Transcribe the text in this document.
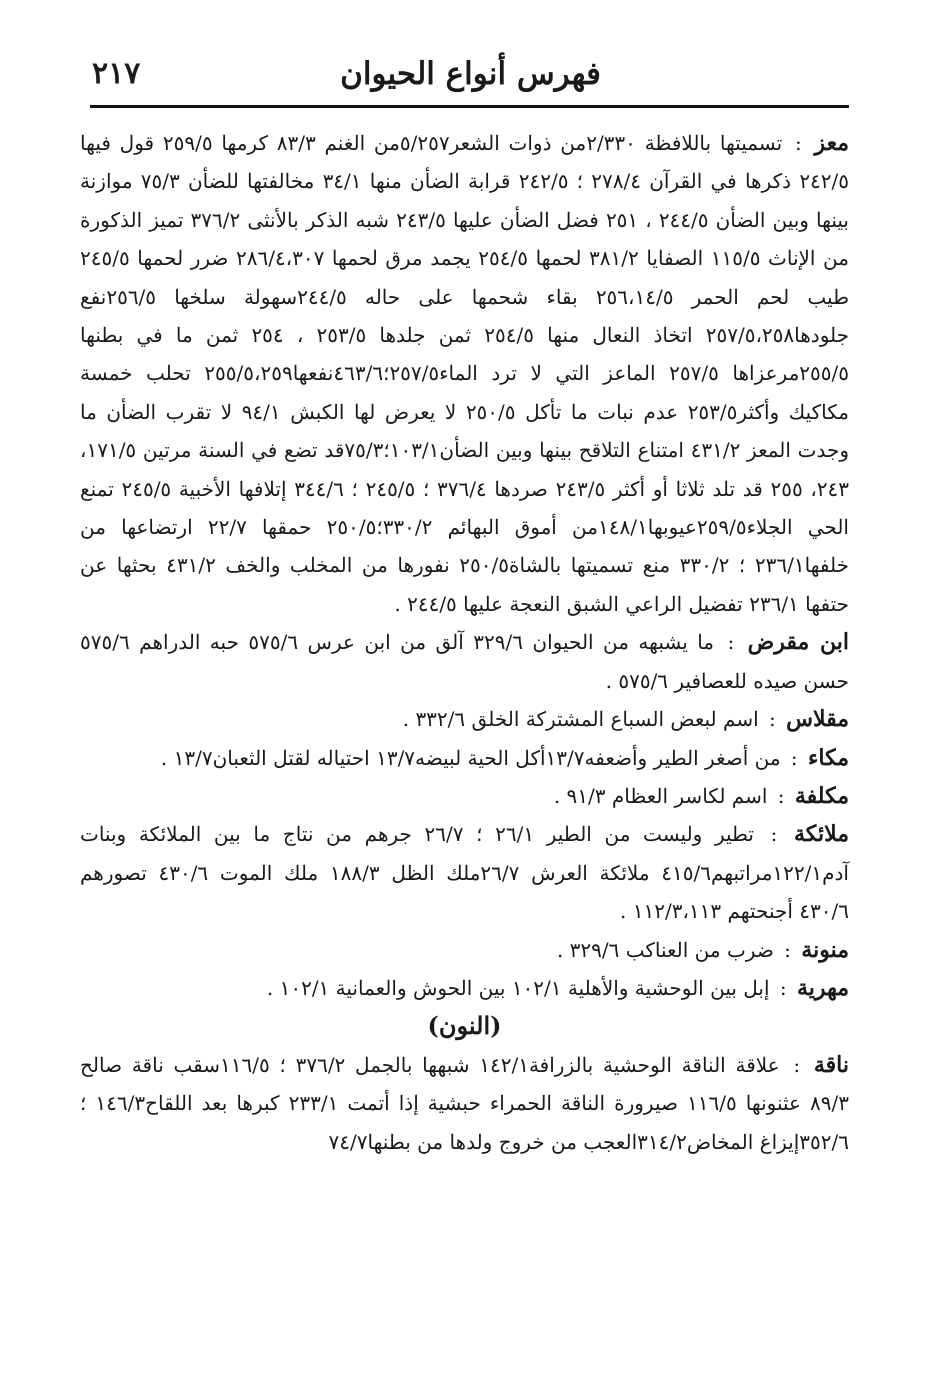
فهرس أنواع الحيوان
٢١٧

معز : تسميتها باللافظة ٢/٣٣٠من ذوات الشعر٥/٢٥٧من الغنم ٨٣/٣ كرمها ٢٥٩/٥ قول فيها ٢٤٢/٥ ذكرها في القرآن ٢٧٨/٤ ؛ ٢٤٢/٥ قرابة الضأن منها ٣٤/١ مخالفتها للضأن ٧٥/٣ موازنة بينها وبين الضأن ٢٤٤/٥ ، ٢٥١ فضل الضأن عليها ٢٤٣/٥ شبه الذكر بالأنثى ٣٧٦/٢ تميز الذكورة من الإناث ١١٥/٥ الصفايا ٣٨١/٢ لحمها ٢٥٤/٥ يجمد مرق لحمها ٢٨٦/٤،٣٠٧ ضرر لحمها ٢٤٥/٥ طيب لحم الحمر ٢٥٦،١٤/٥ بقاء شحمها على حاله ٢٤٤/٥سهولة سلخها ٢٥٦/٥نفع جلودها٢٥٧/٥،٢٥٨ اتخاذ النعال منها ٢٥٤/٥ ثمن جلدها ٢٥٣/٥ ، ٢٥٤ ثمن ما في بطنها ٢٥٥/٥مرعزاها ٢٥٧/٥ الماعز التي لا ترد الماء٢٥٧/٥؛٤٦٣/٦نفعها٢٥٥/٥،٢٥٩ تحلب خمسة مكاكيك وأكثر٢٥٣/٥ عدم نبات ما تأكل ٢٥٠/٥ لا يعرض لها الكبش ٩٤/١ لا تقرب الضأن ما وجدت المعز ٤٣١/٢ امتناع التلاقح بينها وبين الضأن١٠٣/١؛٧٥/٣قد تضع في السنة مرتين ١٧١/٥، ٢٤٣، ٢٥٥ قد تلد ثلاثا أو أكثر ٢٤٣/٥ صردها ٣٧٦/٤ ؛ ٢٤٥/٥ ؛ ٣٤٤/٦ إتلافها الأخبية ٢٤٥/٥ تمنع الحي الجلاء٢٥٩/٥عيوبها١٤٨/١من أموق البهائم ٣٣٠/٢؛٢٥٠/٥ حمقها ٢٢/٧ ارتضاعها من خلفها٢٣٦/١ ؛ ٣٣٠/٢ منع تسميتها بالشاة٢٥٠/٥ نفورها من المخلب والخف ٤٣١/٢ بحثها عن حتفها ٢٣٦/١ تفضيل الراعي الشبق النعجة عليها ٢٤٤/٥ .

ابن مقرض : ما يشبهه من الحيوان ٣٢٩/٦ آلق من ابن عرس ٥٧٥/٦ حبه الدراهم ٥٧٥/٦ حسن صيده للعصافير ٥٧٥/٦ .

مقلاس : اسم لبعض السباع المشتركة الخلق ٣٣٢/٦ .

مكاء : من أصغر الطير وأضعفه١٣/٧أكل الحية لبيضه١٣/٧ احتياله لقتل الثعبان١٣/٧ .

مكلفة : اسم لكاسر العظام ٩١/٣ .

ملائكة : تطير وليست من الطير ٢٦/١ ؛ ٢٦/٧ جرهم من نتاج ما بين الملائكة وبنات آدم١٢٢/١مراتبهم٤١٥/٦ ملائكة العرش ٢٦/٧ملك الظل ١٨٨/٣ ملك الموت ٤٣٠/٦ تصورهم ٤٣٠/٦ أجنحتهم ١١٢/٣،١١٣ .

منونة : ضرب من العناكب ٣٢٩/٦ .

مهرية : إبل بين الوحشية والأهلية ١٠٢/١ بين الحوش والعمانية ١٠٢/١ .

(النون)

ناقة : علاقة الناقة الوحشية بالزرافة١٤٢/١ شبهها بالجمل ٣٧٦/٢ ؛ ١١٦/٥سقب ناقة صالح ٨٩/٣ عثنونها ١١٦/٥ صيرورة الناقة الحمراء حبشية إذا أتمت ٢٣٣/١ كبرها بعد اللقاح١٤٦/٣ ؛ ٣٥٢/٦إيزاغ المخاض٣١٤/٢العجب من خروج ولدها من بطنها٧٤/٧
